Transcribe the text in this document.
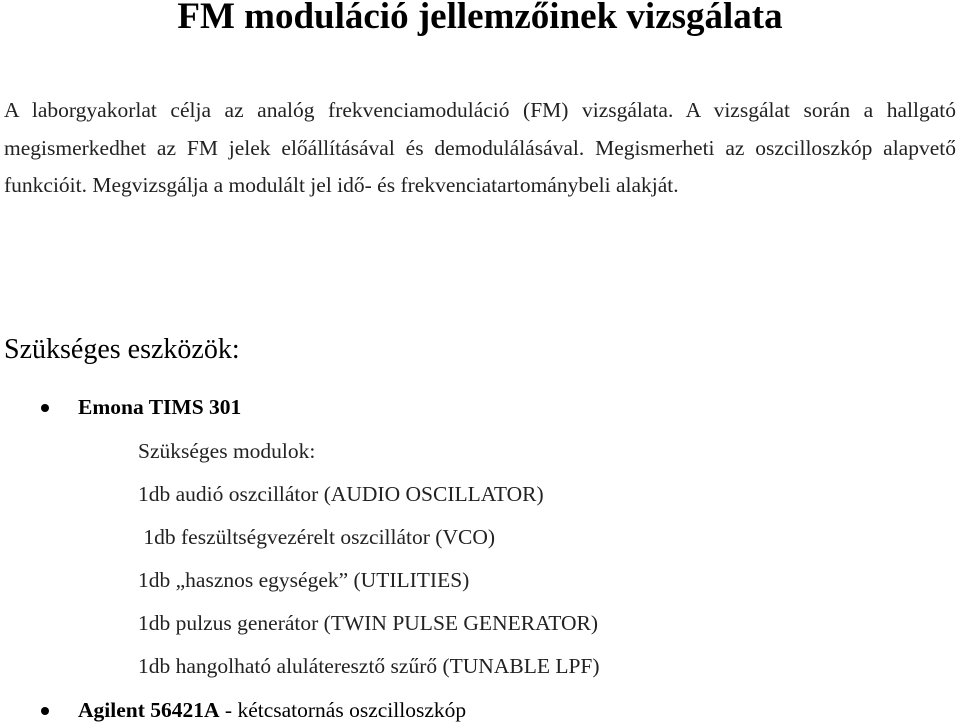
FM moduláció jellemzőinek vizsgálata

A laborgyakorlat célja az analóg frekvenciamoduláció (FM) vizsgálata. A vizsgálat során a hallgató megismerkedhet az FM jelek előállításával és demodulálásával. Megismerheti az oszcilloszkóp alapvető funkcióit. Megvizsgálja a modulált jel idő- és frekvenciatartománybeli alakját.

Szükséges eszközök:
Emona TIMS 301
Szükséges modulok:
1db audió oszcillátor (AUDIO OSCILLATOR)
1db feszültségvezérelt oszcillátor (VCO)
1db „hasznos egységek” (UTILITIES)
1db pulzus generátor (TWIN PULSE GENERATOR)
1db hangolható aluláteresztő szűrő (TUNABLE LPF)
Agilent 56421A - kétcsatornás oszcilloszkóp
